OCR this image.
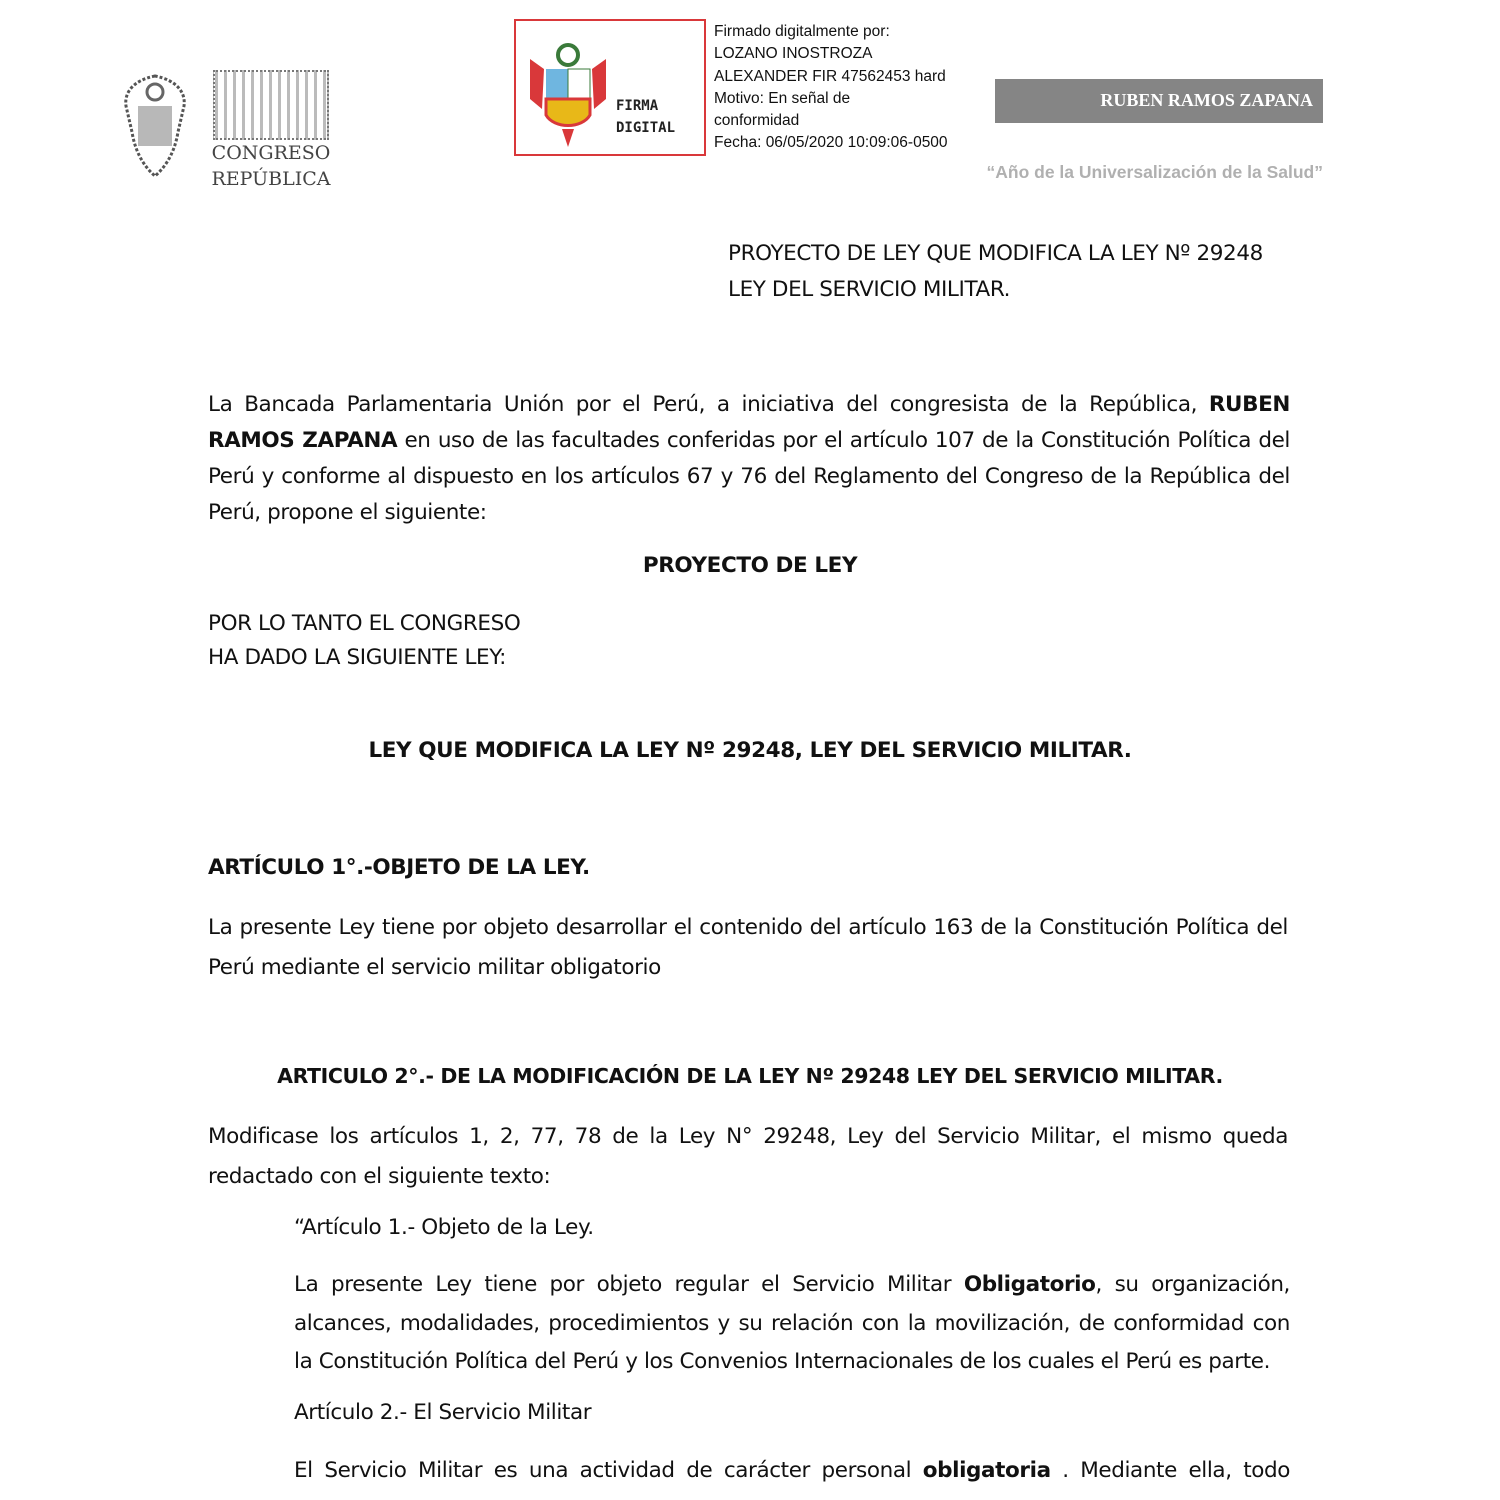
CONGRESO REPÚBLICA
FIRMA
DIGITAL
Firmado digitalmente por:
LOZANO INOSTROZA
ALEXANDER FIR 47562453 hard
Motivo: En señal de
conformidad
Fecha: 06/05/2020 10:09:06-0500
RUBEN RAMOS ZAPANA
“Año de la Universalización de la Salud”
PROYECTO DE LEY QUE MODIFICA LA LEY Nº 29248
LEY DEL SERVICIO MILITAR.

La Bancada Parlamentaria Unión por el Perú, a iniciativa del congresista de la República, RUBEN RAMOS ZAPANA en uso de las facultades conferidas por el artículo 107 de la Constitución Política del Perú y conforme al dispuesto en los artículos 67 y 76 del Reglamento del Congreso de la República del Perú, propone el siguiente:

PROYECTO DE LEY
POR LO TANTO EL CONGRESO
HA DADO LA SIGUIENTE LEY:
LEY QUE MODIFICA LA LEY Nº 29248, LEY DEL SERVICIO MILITAR.
ARTÍCULO 1°.-OBJETO DE LA LEY.

La presente Ley tiene por objeto desarrollar el contenido del artículo 163 de la Constitución Política del Perú mediante el servicio militar obligatorio

ARTICULO 2°.- DE LA MODIFICACIÓN DE LA LEY Nº 29248 LEY DEL SERVICIO MILITAR.

Modificase los artículos 1, 2, 77, 78 de la Ley N° 29248, Ley del Servicio Militar, el mismo queda redactado con el siguiente texto:

“Artículo 1.- Objeto de la Ley.

La presente Ley tiene por objeto regular el Servicio Militar Obligatorio, su organización, alcances, modalidades, procedimientos y su relación con la movilización, de conformidad con la Constitución Política del Perú y los Convenios Internacionales de los cuales el Perú es parte.

Artículo 2.- El Servicio Militar

El Servicio Militar es una actividad de carácter personal obligatoria . Mediante ella, todo
